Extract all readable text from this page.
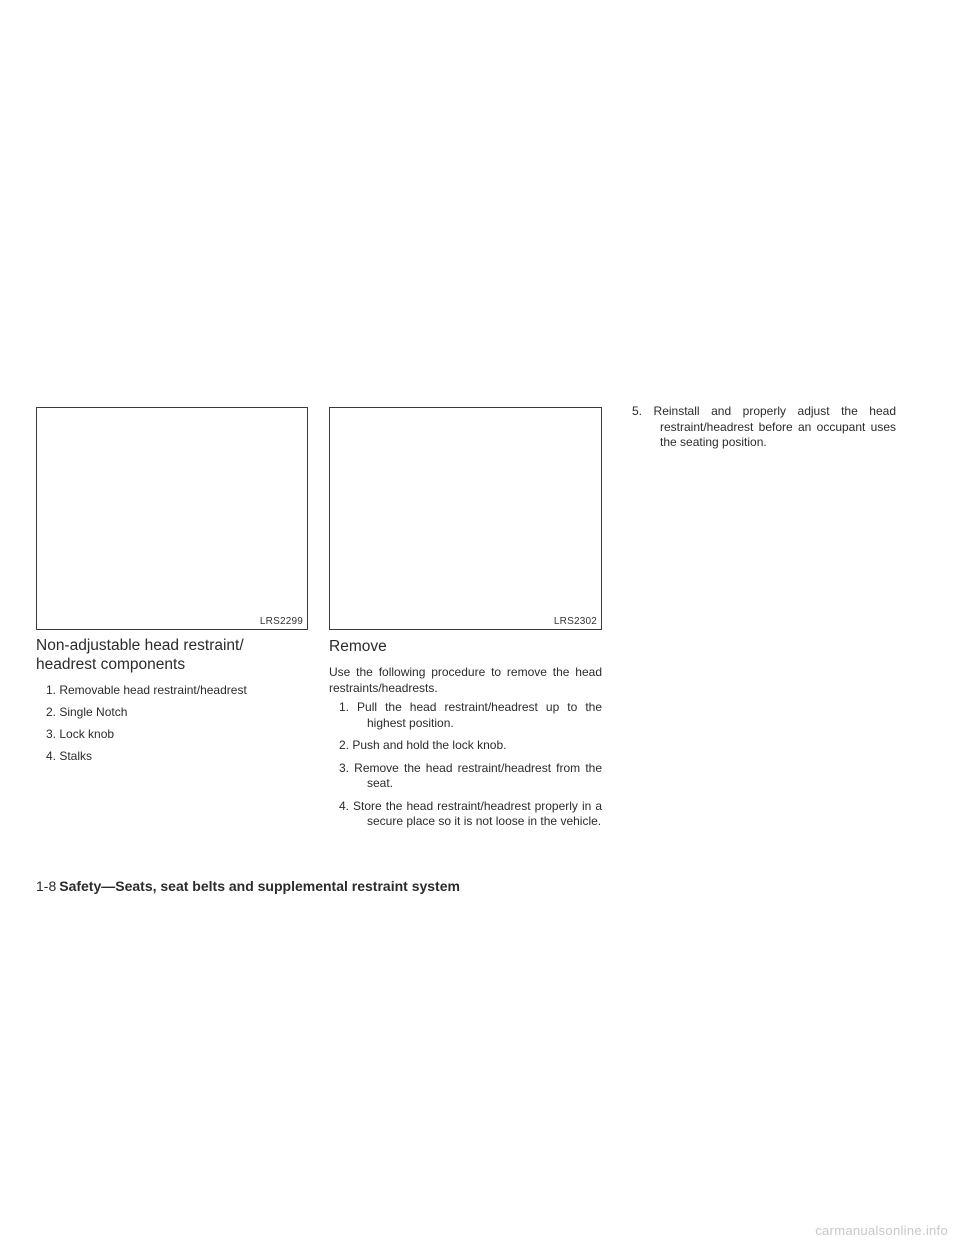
LRS2299	LRS2302
Non-adjustable head restraint/
headrest components
1. Removable head restraint/headrest
2. Single Notch
3. Lock knob
4. Stalks
Remove

Use the following procedure to remove the head restraints/headrests.

1. Pull the head restraint/headrest up to the highest position.
2. Push and hold the lock knob.
3. Remove the head restraint/headrest from the seat.
4. Store the head restraint/headrest properly in a secure place so it is not loose in the vehicle.
5. Reinstall and properly adjust the head restraint/headrest before an occupant uses the seating position.
1-8 Safety—Seats, seat belts and supplemental restraint system
carmanualsonline.info
